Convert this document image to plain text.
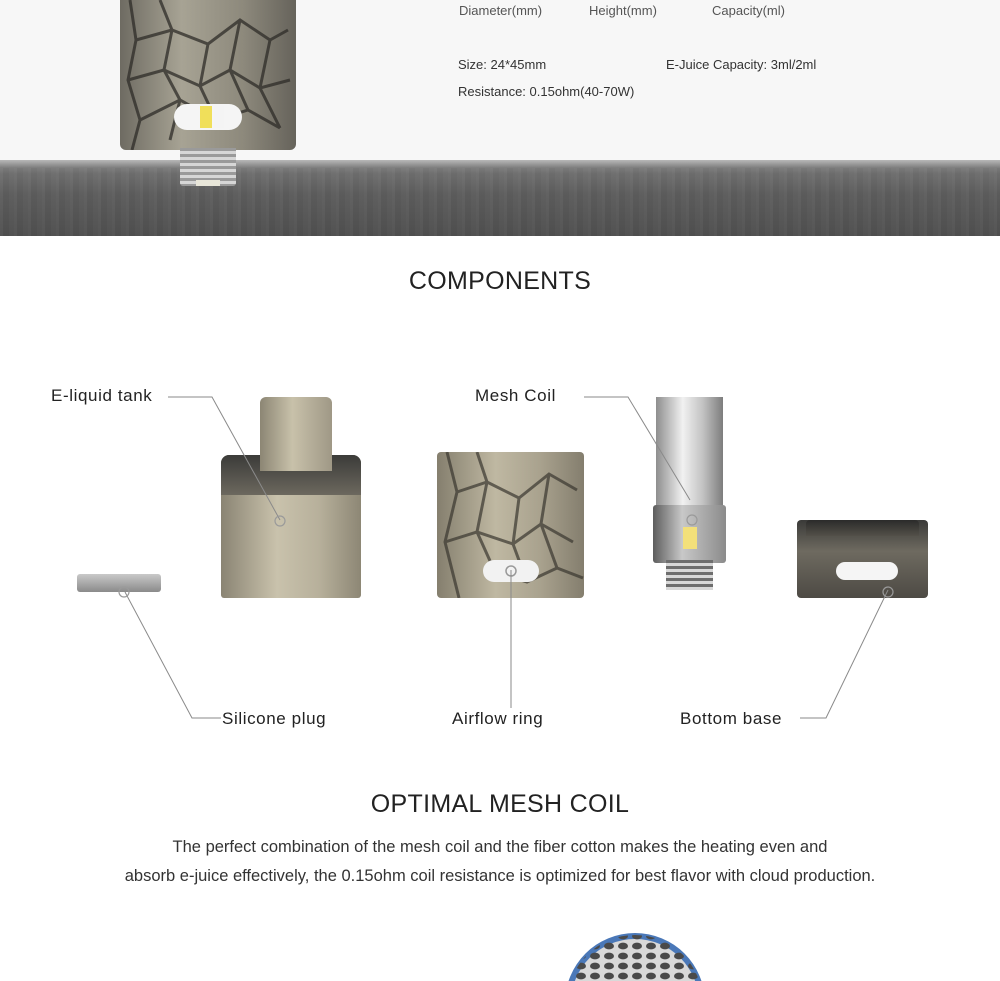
Diameter(mm)	Height(mm)	Capacity(ml)
Size: 24*45mm	E-Juice Capacity: 3ml/2ml
Resistance: 0.15ohm(40-70W)
COMPONENTS
E-liquid tank	Mesh Coil
Silicone plug	Airflow ring	Bottom base
OPTIMAL MESH COIL
The perfect combination of the mesh coil and the fiber cotton makes the heating even and
absorb e-juice effectively, the 0.15ohm coil resistance is optimized for best flavor with cloud production.
